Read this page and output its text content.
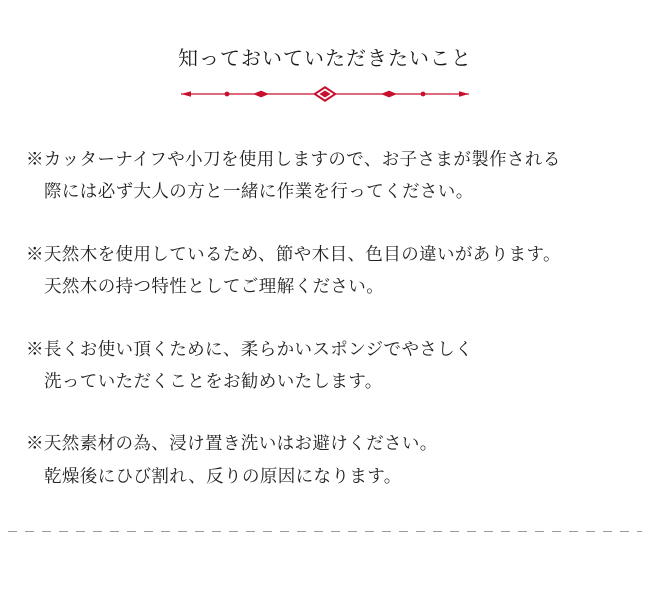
知っておいていただきたいこと

※カッターナイフや小刀を使用しますので、お子さまが製作される
際には必ず大人の方と一緒に作業を行ってください。

※天然木を使用しているため、節や木目、色目の違いがあります。
天然木の持つ特性としてご理解ください。

※長くお使い頂くために、柔らかいスポンジでやさしく
洗っていただくことをお勧めいたします。

※天然素材の為、浸け置き洗いはお避けください。
乾燥後にひび割れ、反りの原因になります。
